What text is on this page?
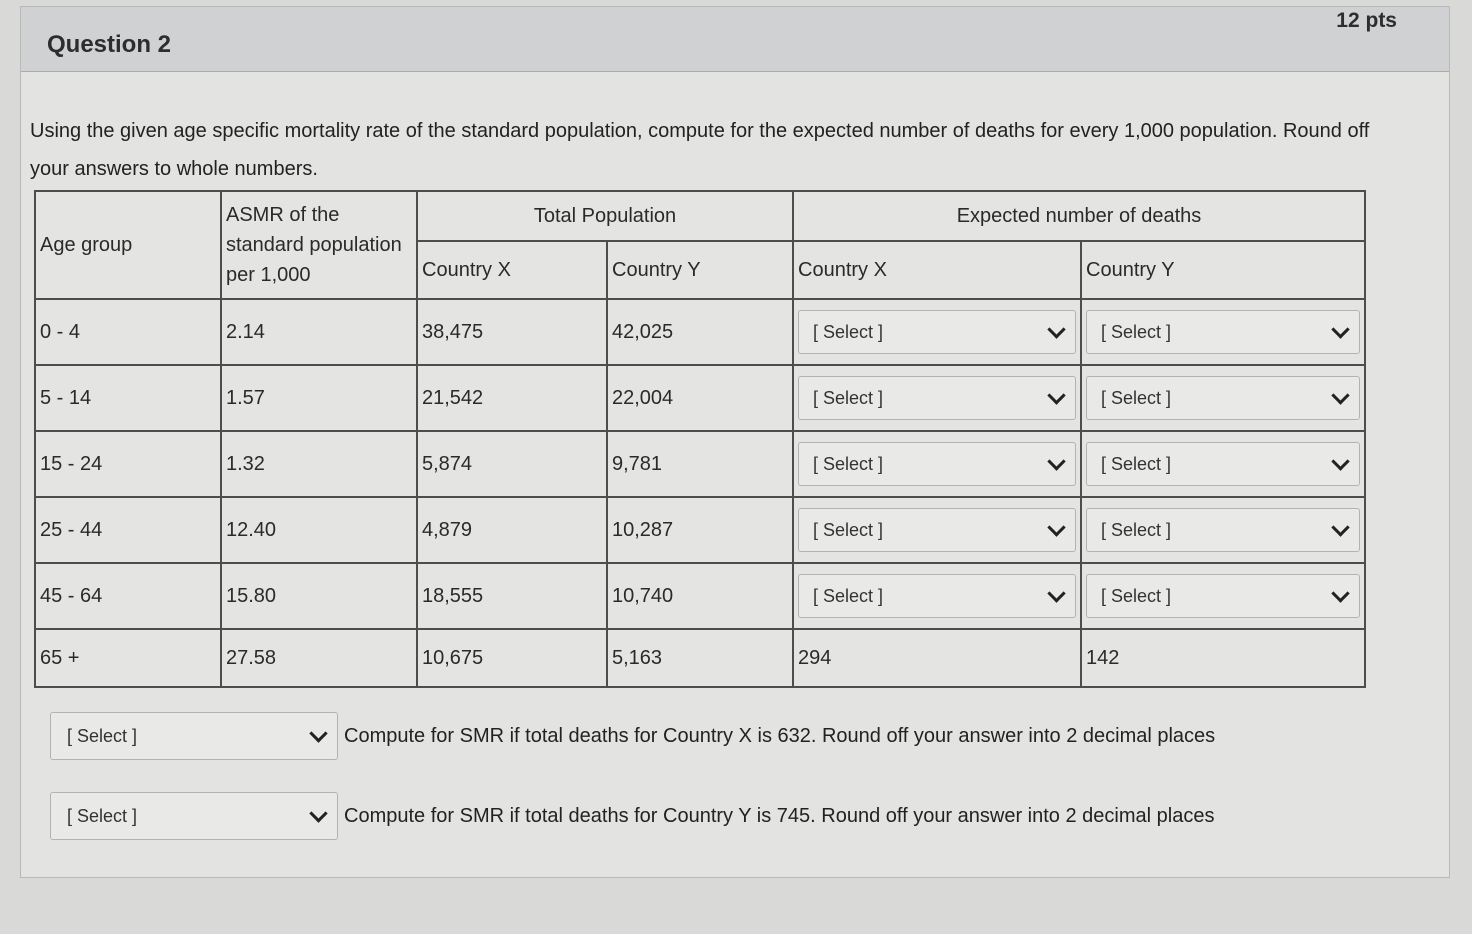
Question 2
12 pts
Using the given age specific mortality rate of the standard population, compute for the expected number of deaths for every 1,000 population. Round off your answers to whole numbers.
Age group	ASMR of the standard population per 1,000	Total Population		Expected number of deaths	
		Country X	Country Y	Country X	Country Y
0 - 4	2.14	38,475	42,025	[ Select ]	[ Select ]

5 - 14	1.57	21,542	22,004	[ Select ]	[ Select ]

15 - 24	1.32	5,874	9,781	[ Select ]	[ Select ]

25 - 44	12.40	4,879	10,287	[ Select ]	[ Select ]

45 - 64	15.80	18,555	10,740	[ Select ]	[ Select ]

65 +	27.58	10,675	5,163	294	142
[ Select ]	Compute for SMR if total deaths for Country X is 632. Round off your answer into 2 decimal places
[ Select ]	Compute for SMR if total deaths for Country Y is 745. Round off your answer into 2 decimal places
